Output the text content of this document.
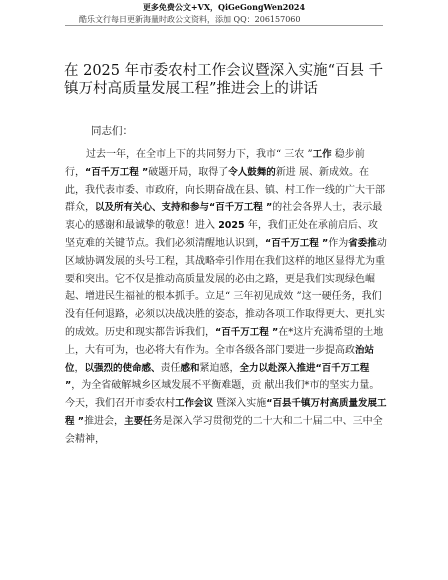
更多免费公文+VX，QiGeGongWen2024
酷乐文行每日更新海量时政公文资料，添加 QQ：206157060
在 2025 年市委农村工作会议暨深入实施“百县 千镇万村高质量发展工程”推进会上的讲话
同志们：

过去一年，在全市上下的共同努力下，我市“ 三农 ”工作 稳步前行，“百千万工程 ”破题开局，取得了令人鼓舞的新进 展、新成效。在此，我代表市委、市政府，向长期奋战在县、镇、村工作一线的广大干部群众，以及所有关心、支持和参与“百千万工程 ”的社会各界人士，表示最衷心的感谢和最诚挚的敬意！进入 2025 年，我们正处在承前启后、攻坚克难的关键节点。我们必须清醒地认识到，“百千万工程 ”作为省委推动区域协调发展的头号工程，其战略牵引作用在我们这样的地区显得尤为重要和突出。它不仅是推动高质量发展的必由之路，更是我们实现绿色崛起、增进民生福祉的根本抓手。立足“ 三年初见成效 ”这一硬任务，我们没有任何退路，必须以决战决胜的姿态，推动各项工作取得更大、更扎实的成效。历史和现实都告诉我们，“百千万工程 ”在*这片充满希望的土地上，大有可为，也必将大有作为。全市各级各部门要进一步提高政治站位，以强烈的使命感、责任感和紧迫感，全力以赴深入推进“百千万工程 ”，为全省破解城乡区域发展不平衡难题，贡 献出我们*市的坚实力量。今天，我们召开市委农村工作会议 暨深入实施“百县千镇万村高质量发展工程 ”推进会，主要任务是深入学习贯彻党的二十大和二十届二中、三中全会精神，
